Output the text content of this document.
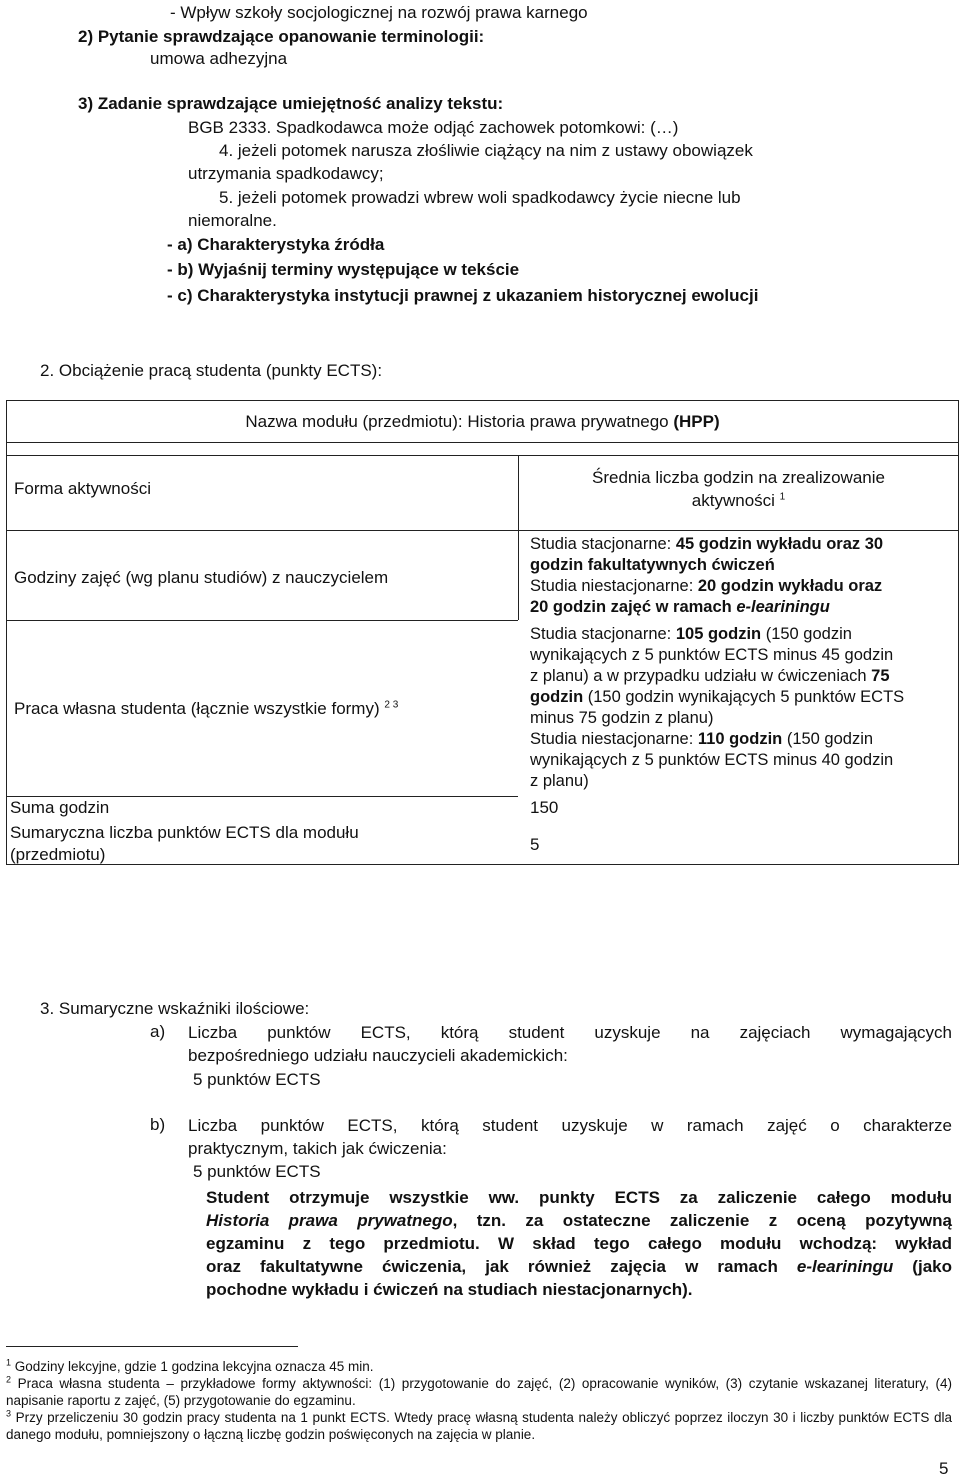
- Wpływ szkoły socjologicznej na rozwój prawa karnego
2) Pytanie sprawdzające opanowanie terminologii:
umowa adhezyjna
3) Zadanie sprawdzające umiejętność analizy tekstu:
BGB 2333. Spadkodawca może odjąć zachowek potomkowi: (…)
4. jeżeli potomek narusza złośliwie ciążący na nim z ustawy obowiązek
utrzymania spadkodawcy;
5. jeżeli potomek prowadzi wbrew woli spadkodawcy życie niecne lub
niemoralne.
- a) Charakterystyka źródła
- b) Wyjaśnij terminy występujące w tekście
- c) Charakterystyka instytucji prawnej z ukazaniem historycznej ewolucji
2. Obciążenie pracą studenta (punkty ECTS):
Nazwa modułu (przedmiotu): Historia prawa prywatnego (HPP)
Forma aktywności
Średnia liczba godzin na zrealizowanie
aktywności $^1$
Godziny zajęć (wg planu studiów) z nauczycielem
Studia stacjonarne: 45 godzin wykładu oraz 30
godzin fakultatywnych ćwiczeń
Studia niestacjonarne: 20 godzin wykładu oraz
20 godzin zajęć w ramach e-leariningu
Praca własna studenta (łącznie wszystkie formy) $^{2 3}$
Studia stacjonarne: 105 godzin (150 godzin
wynikających z 5 punktów ECTS minus 45 godzin
z planu) a w przypadku udziału w ćwiczeniach 75
godzin (150 godzin wynikających 5 punktów ECTS
minus 75 godzin z planu)
Studia niestacjonarne: 110 godzin (150 godzin
wynikających z 5 punktów ECTS minus 40 godzin
z planu)
Suma godzin	150
Sumaryczna liczba punktów ECTS dla modułu
(przedmiotu)
5
3. Sumaryczne wskaźniki ilościowe:
a) Liczba punktów ECTS, którą student uzyskuje na zajęciach wymagających
bezpośredniego udziału nauczycieli akademickich:
5 punktów ECTS
b) Liczba punktów ECTS, którą student uzyskuje w ramach zajęć o charakterze
praktycznym, takich jak ćwiczenia:
5 punktów ECTS
Student otrzymuje wszystkie ww. punkty ECTS za zaliczenie całego modułu
Historia prawa prywatnego, tzn. za ostateczne zaliczenie z oceną pozytywną
egzaminu z tego przedmiotu. W skład tego całego modułu wchodzą: wykład
oraz fakultatywne ćwiczenia, jak również zajęcia w ramach e-leariningu (jako
pochodne wykładu i ćwiczeń na studiach niestacjonarnych).
$^1$ Godziny lekcyjne, gdzie 1 godzina lekcyjna oznacza 45 min.
$^2$ Praca własna studenta – przykładowe formy aktywności: (1) przygotowanie do zajęć, (2) opracowanie wyników, (3) czytanie wskazanej literatury, (4) napisanie raportu z zajęć, (5) przygotowanie do egzaminu.
$^3$ Przy przeliczeniu 30 godzin pracy studenta na 1 punkt ECTS. Wtedy pracę własną studenta należy obliczyć poprzez iloczyn 30 i liczby punktów ECTS dla danego modułu, pomniejszony o łączną liczbę godzin poświęconych na zajęcia w planie.
5
